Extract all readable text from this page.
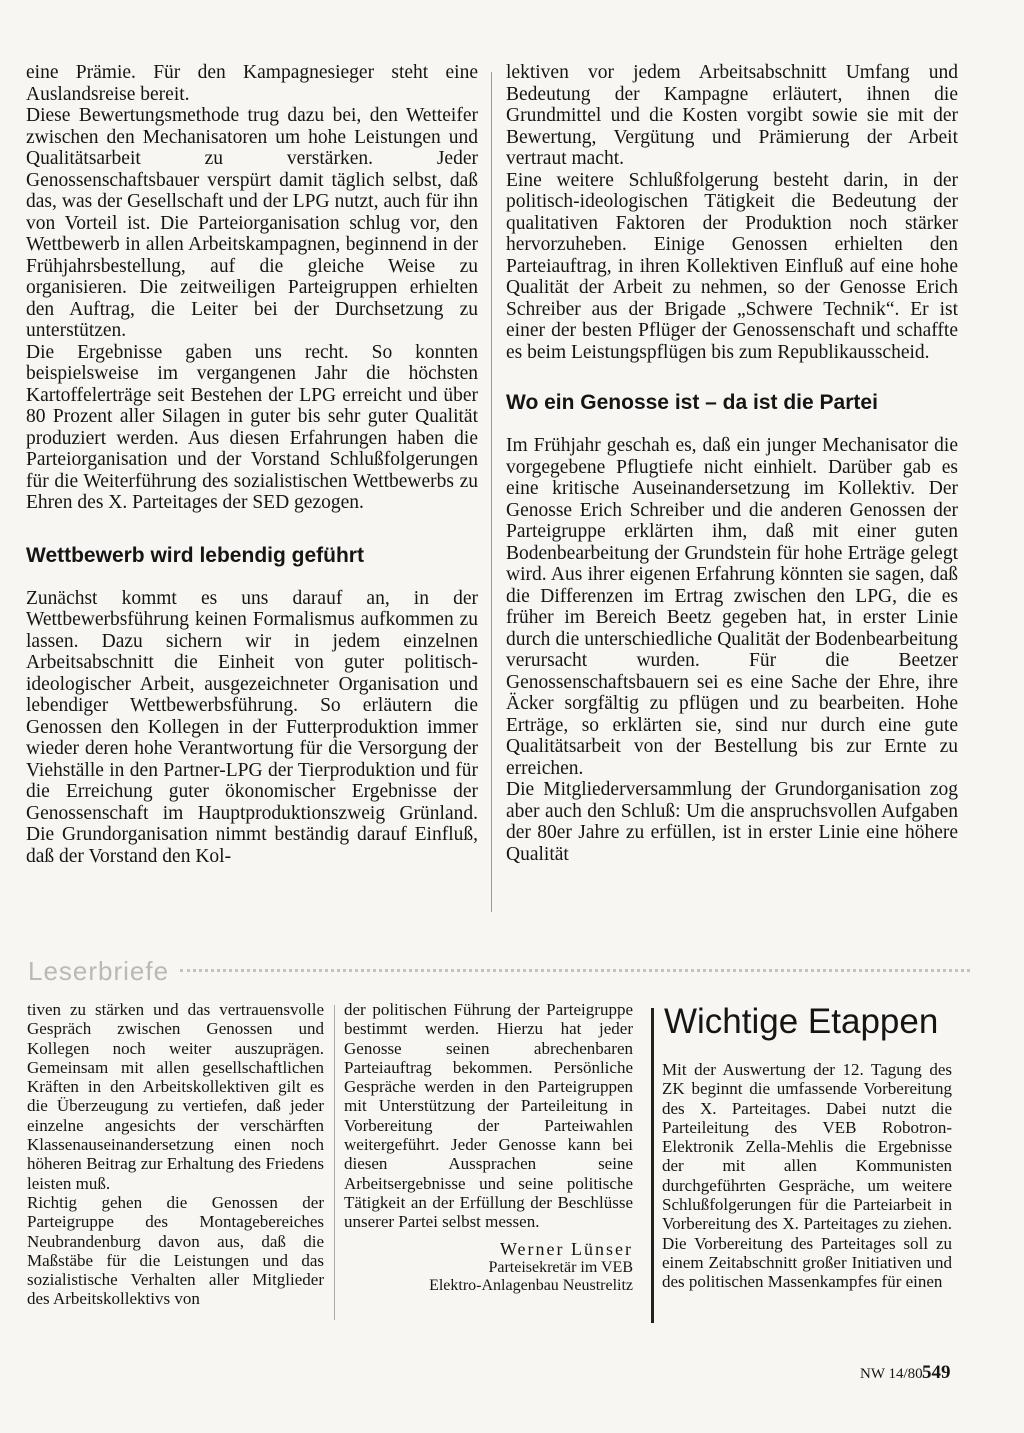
eine Prämie. Für den Kampagnesieger steht eine Auslandsreise bereit.

Diese Bewertungsmethode trug dazu bei, den Wetteifer zwischen den Mechanisatoren um hohe Leistungen und Qualitätsarbeit zu verstärken. Jeder Genossenschaftsbauer verspürt damit täglich selbst, daß das, was der Gesellschaft und der LPG nutzt, auch für ihn von Vorteil ist. Die Parteiorganisation schlug vor, den Wettbewerb in allen Arbeitskampagnen, beginnend in der Frühjahrsbestellung, auf die gleiche Weise zu organisieren. Die zeitweiligen Parteigruppen erhielten den Auftrag, die Leiter bei der Durchsetzung zu unterstützen.

Die Ergebnisse gaben uns recht. So konnten beispielsweise im vergangenen Jahr die höchsten Kartoffelerträge seit Bestehen der LPG erreicht und über 80 Prozent aller Silagen in guter bis sehr guter Qualität produziert werden. Aus diesen Erfahrungen haben die Parteiorganisation und der Vorstand Schlußfolgerungen für die Weiterführung des sozialistischen Wettbewerbs zu Ehren des X. Parteitages der SED gezogen.

Wettbewerb wird lebendig geführt

Zunächst kommt es uns darauf an, in der Wettbewerbsführung keinen Formalismus aufkommen zu lassen. Dazu sichern wir in jedem einzelnen Arbeitsabschnitt die Einheit von guter politisch-ideologischer Arbeit, ausgezeichneter Organisation und lebendiger Wettbewerbsführung. So erläutern die Genossen den Kollegen in der Futterproduktion immer wieder deren hohe Verantwortung für die Versorgung der Viehställe in den Partner-LPG der Tierproduktion und für die Erreichung guter ökonomischer Ergebnisse der Genossenschaft im Hauptproduktionszweig Grünland. Die Grundorganisation nimmt beständig darauf Einfluß, daß der Vorstand den Kol-

lektiven vor jedem Arbeitsabschnitt Umfang und Bedeutung der Kampagne erläutert, ihnen die Grundmittel und die Kosten vorgibt sowie sie mit der Bewertung, Vergütung und Prämierung der Arbeit vertraut macht.

Eine weitere Schlußfolgerung besteht darin, in der politisch-ideologischen Tätigkeit die Bedeutung der qualitativen Faktoren der Produktion noch stärker hervorzuheben. Einige Genossen erhielten den Parteiauftrag, in ihren Kollektiven Einfluß auf eine hohe Qualität der Arbeit zu nehmen, so der Genosse Erich Schreiber aus der Brigade „Schwere Technik“. Er ist einer der besten Pflüger der Genossenschaft und schaffte es beim Leistungspflügen bis zum Republikausscheid.

Wo ein Genosse ist – da ist die Partei

Im Frühjahr geschah es, daß ein junger Mechanisator die vorgegebene Pflugtiefe nicht einhielt. Darüber gab es eine kritische Auseinandersetzung im Kollektiv. Der Genosse Erich Schreiber und die anderen Genossen der Parteigruppe erklärten ihm, daß mit einer guten Bodenbearbeitung der Grundstein für hohe Erträge gelegt wird. Aus ihrer eigenen Erfahrung könnten sie sagen, daß die Differenzen im Ertrag zwischen den LPG, die es früher im Bereich Beetz gegeben hat, in erster Linie durch die unterschiedliche Qualität der Bodenbearbeitung verursacht wurden. Für die Beetzer Genossenschaftsbauern sei es eine Sache der Ehre, ihre Äcker sorgfältig zu pflügen und zu bearbeiten. Hohe Erträge, so erklärten sie, sind nur durch eine gute Qualitätsarbeit von der Bestellung bis zur Ernte zu erreichen.

Die Mitgliederversammlung der Grundorganisation zog aber auch den Schluß: Um die anspruchsvollen Aufgaben der 80er Jahre zu erfüllen, ist in erster Linie eine höhere Qualität

Leserbriefe

tiven zu stärken und das vertrauensvolle Gespräch zwischen Genossen und Kollegen noch weiter auszuprägen. Gemeinsam mit allen gesellschaftlichen Kräften in den Arbeitskollektiven gilt es die Überzeugung zu vertiefen, daß jeder einzelne angesichts der verschärften Klassenauseinandersetzung einen noch höheren Beitrag zur Erhaltung des Friedens leisten muß.

Richtig gehen die Genossen der Parteigruppe des Montagebereiches Neubrandenburg davon aus, daß die Maßstäbe für die Leistungen und das sozialistische Verhalten aller Mitglieder des Arbeitskollektivs von

der politischen Führung der Parteigruppe bestimmt werden. Hierzu hat jeder Genosse seinen abrechenbaren Parteiauftrag bekommen. Persönliche Gespräche werden in den Parteigruppen mit Unterstützung der Parteileitung in Vorbereitung der Parteiwahlen weitergeführt. Jeder Genosse kann bei diesen Aussprachen seine Arbeitsergebnisse und seine politische Tätigkeit an der Erfüllung der Beschlüsse unserer Partei selbst messen.

Werner Lünser
Parteisekretär im VEB
Elektro-Anlagenbau Neustrelitz
Wichtige Etappen

Mit der Auswertung der 12. Tagung des ZK beginnt die umfassende Vorbereitung des X. Parteitages. Dabei nutzt die Parteileitung des VEB Robotron-Elektronik Zella-Mehlis die Ergebnisse der mit allen Kommunisten durchgeführten Gespräche, um weitere Schlußfolgerungen für die Parteiarbeit in Vorbereitung des X. Parteitages zu ziehen. Die Vorbereitung des Parteitages soll zu einem Zeitabschnitt großer Initiativen und des politischen Massenkampfes für einen

NW 14/80 549
